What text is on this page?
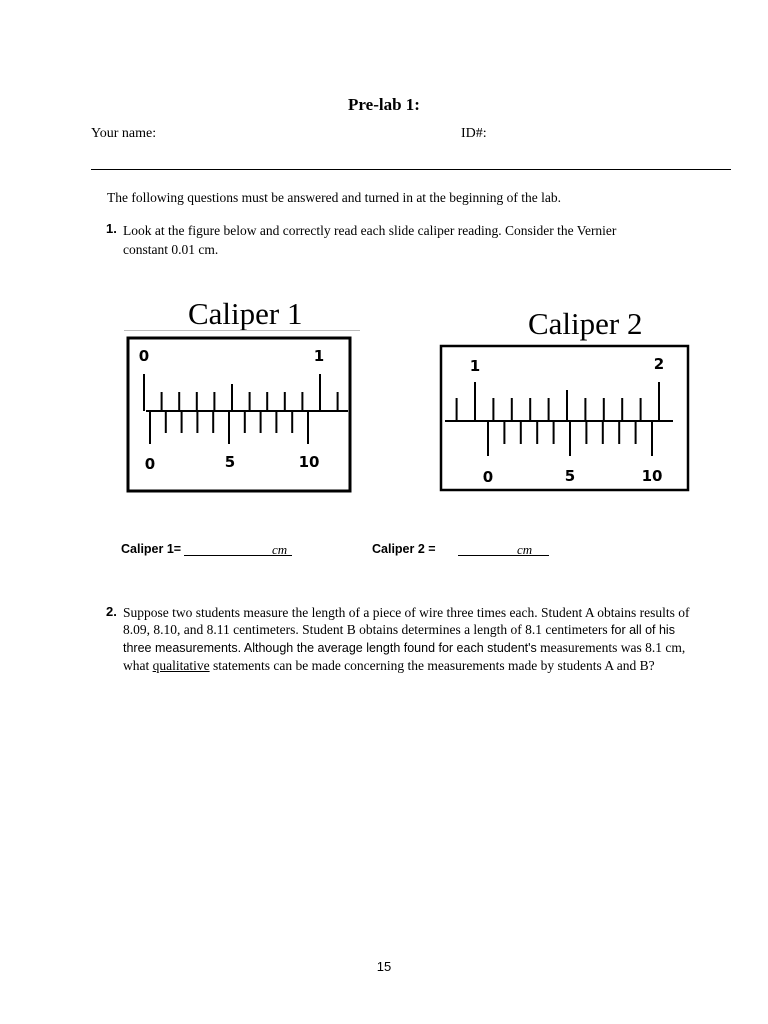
Pre-lab 1:
Your name:	ID#:
The following questions must be answered and turned in at the beginning of the lab.
1. Look at the figure below and correctly read each slide caliper reading. Consider the Vernier constant 0.01 cm.
Caliper 1
0	1
0	5	10
Caliper 2
1	2
0	5	10
Caliper 1=	cm	Caliper 2 =	cm
2. Suppose two students measure the length of a piece of wire three times each. Student A obtains results of 8.09, 8.10, and 8.11 centimeters. Student B obtains determines a length of 8.1 centimeters for all of his three measurements. Although the average length found for each student's measurements was 8.1 cm, what qualitative statements can be made concerning the measurements made by students A and B?
15
